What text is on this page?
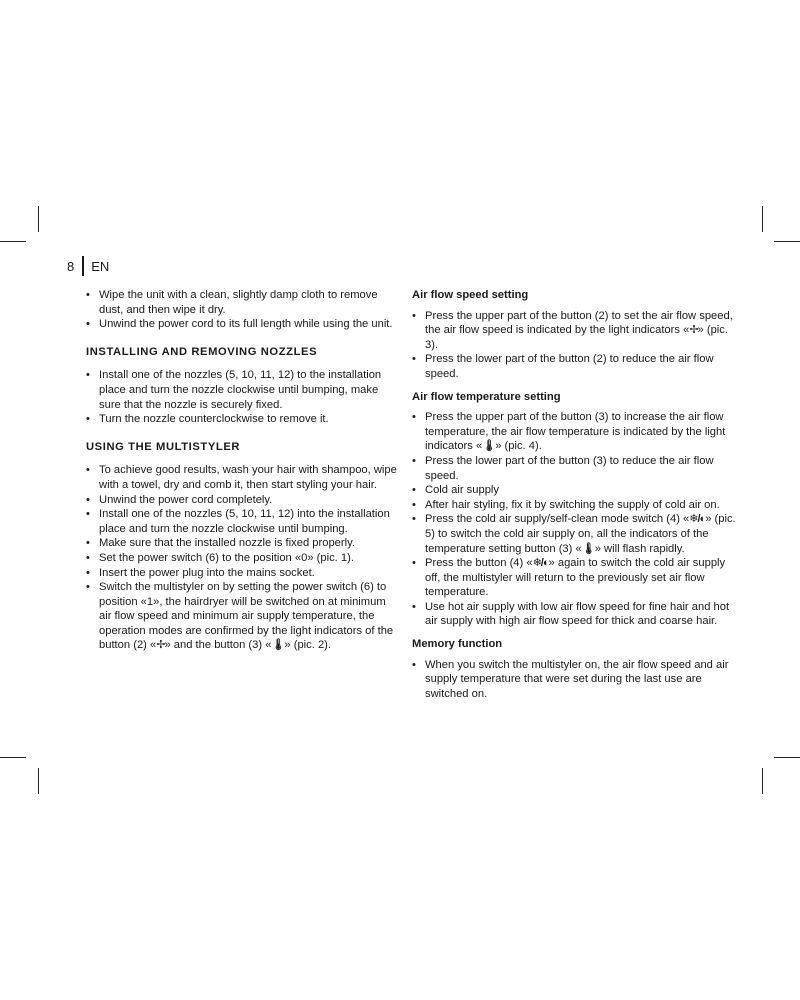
8 EN
• Wipe the unit with a clean, slightly damp cloth to remove dust, and then wipe it dry.
• Unwind the power cord to its full length while using the unit.
INSTALLING AND REMOVING NOZZLES
• Install one of the nozzles (5, 10, 11, 12) to the installation place and turn the nozzle clockwise until bumping, make sure that the nozzle is securely fixed.
• Turn the nozzle counterclockwise to remove it.
USING THE MULTISTYLER
• To achieve good results, wash your hair with shampoo, wipe with a towel, dry and comb it, then start styling your hair.
• Unwind the power cord completely.
• Install one of the nozzles (5, 10, 11, 12) into the installation place and turn the nozzle clockwise until bumping.
• Make sure that the installed nozzle is fixed properly.
• Set the power switch (6) to the position «0» (pic. 1).
• Insert the power plug into the mains socket.
• Switch the multistyler on by setting the power switch (6) to position «1», the hairdryer will be switched on at minimum air flow speed and minimum air supply temperature, the operation modes are confirmed by the light indicators of the button (2) «✢» and the button (3) «🌡» (pic. 2).
Air flow speed setting
• Press the upper part of the button (2) to set the air flow speed, the air flow speed is indicated by the light indicators «✢» (pic. 3).
• Press the lower part of the button (2) to reduce the air flow speed.
Air flow temperature setting
• Press the upper part of the button (3) to increase the air flow temperature, the air flow temperature is indicated by the light indicators «🌡» (pic. 4).
• Press the lower part of the button (3) to reduce the air flow speed.
• Cold air supply
• After hair styling, fix it by switching the supply of cold air on.
• Press the cold air supply/self-clean mode switch (4) «❄/◐» (pic. 5) to switch the cold air supply on, all the indicators of the temperature setting button (3) «🌡» will flash rapidly.
• Press the button (4) «❄/◐» again to switch the cold air supply off, the multistyler will return to the previously set air flow temperature.
• Use hot air supply with low air flow speed for fine hair and hot air supply with high air flow speed for thick and coarse hair.
Memory function
• When you switch the multistyler on, the air flow speed and air supply temperature that were set during the last use are switched on.
